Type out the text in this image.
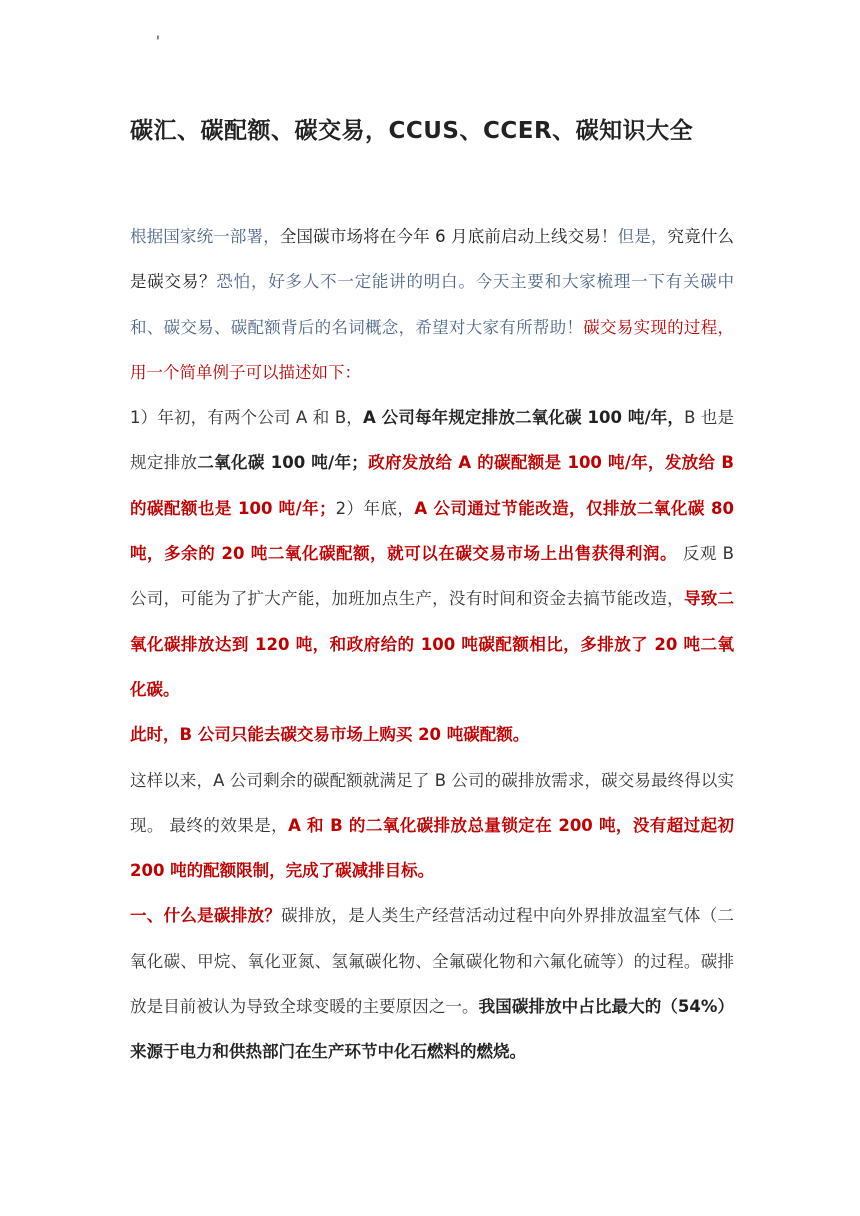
'
碳汇、碳配额、碳交易，CCUS、CCER、碳知识大全

根据国家统一部署，全国碳市场将在今年 6 月底前启动上线交易！但是，究竟什么是碳交易？恐怕，好多人不一定能讲的明白。今天主要和大家梳理一下有关碳中和、碳交易、碳配额背后的名词概念，希望对大家有所帮助！碳交易实现的过程，用一个简单例子可以描述如下：

1）年初，有两个公司 A 和 B，A 公司每年规定排放二氧化碳 100 吨/年，B 也是规定排放二氧化碳 100 吨/年；政府发放给 A 的碳配额是 100 吨/年，发放给 B 的碳配额也是 100 吨/年；2）年底，A 公司通过节能改造，仅排放二氧化碳 80 吨，多余的 20 吨二氧化碳配额，就可以在碳交易市场上出售获得利润。 反观 B 公司，可能为了扩大产能，加班加点生产，没有时间和资金去搞节能改造，导致二氧化碳排放达到 120 吨，和政府给的 100 吨碳配额相比，多排放了 20 吨二氧化碳。

此时，B 公司只能去碳交易市场上购买 20 吨碳配额。

这样以来，A 公司剩余的碳配额就满足了 B 公司的碳排放需求，碳交易最终得以实现。 最终的效果是，A 和 B 的二氧化碳排放总量锁定在 200 吨，没有超过起初 200 吨的配额限制，完成了碳减排目标。

一、什么是碳排放？碳排放，是人类生产经营活动过程中向外界排放温室气体（二氧化碳、甲烷、氧化亚氮、氢氟碳化物、全氟碳化物和六氟化硫等）的过程。碳排放是目前被认为导致全球变暖的主要原因之一。我国碳排放中占比最大的（54%）来源于电力和供热部门在生产环节中化石燃料的燃烧。
